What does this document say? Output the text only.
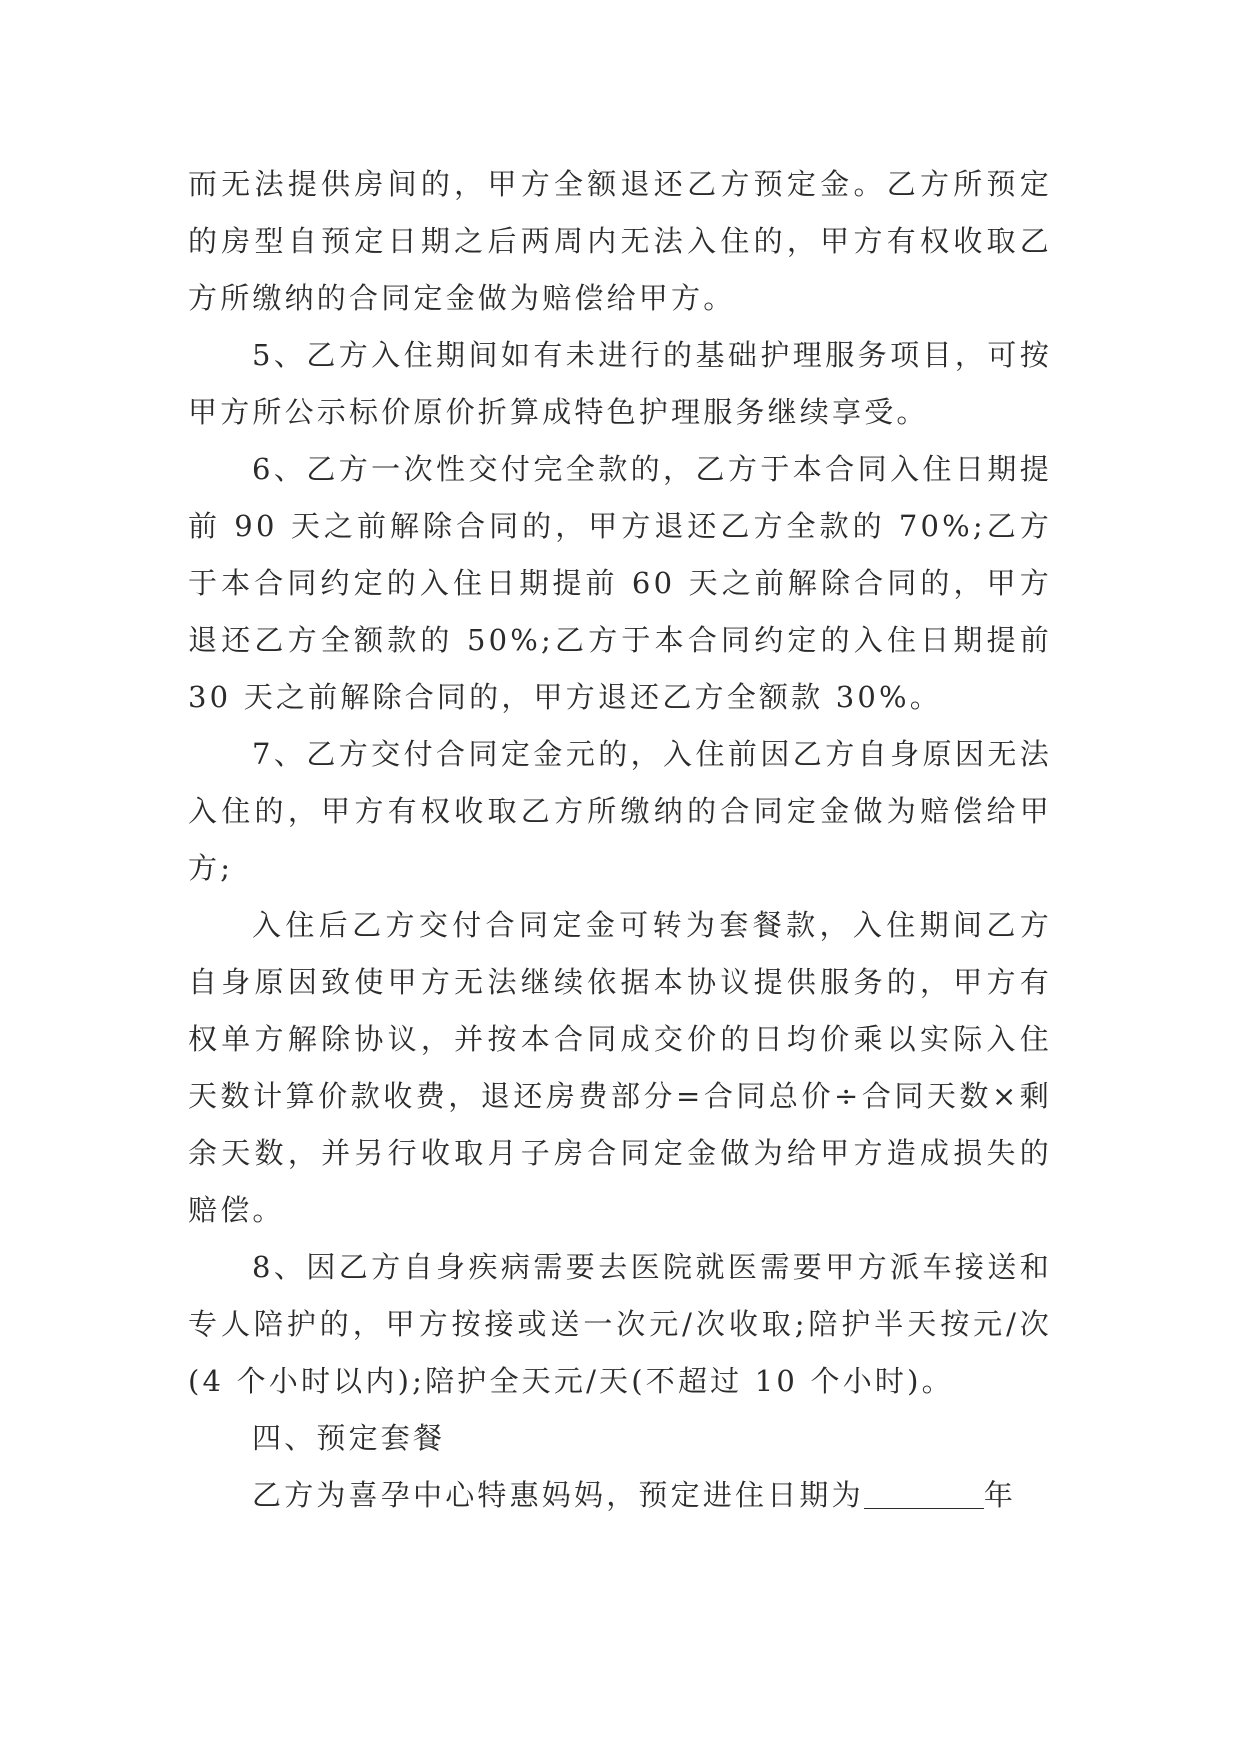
而无法提供房间的，甲方全额退还乙方预定金。乙方所预定的房型自预定日期之后两周内无法入住的，甲方有权收取乙方所缴纳的合同定金做为赔偿给甲方。

5、乙方入住期间如有未进行的基础护理服务项目，可按甲方所公示标价原价折算成特色护理服务继续享受。

6、乙方一次性交付完全款的，乙方于本合同入住日期提前 90 天之前解除合同的，甲方退还乙方全款的 70%;乙方于本合同约定的入住日期提前 60 天之前解除合同的，甲方退还乙方全额款的 50%;乙方于本合同约定的入住日期提前 30 天之前解除合同的，甲方退还乙方全额款 30%。

7、乙方交付合同定金元的，入住前因乙方自身原因无法入住的，甲方有权收取乙方所缴纳的合同定金做为赔偿给甲方;

入住后乙方交付合同定金可转为套餐款，入住期间乙方自身原因致使甲方无法继续依据本协议提供服务的，甲方有权单方解除协议，并按本合同成交价的日均价乘以实际入住天数计算价款收费，退还房费部分=合同总价÷合同天数×剩余天数，并另行收取月子房合同定金做为给甲方造成损失的赔偿。

8、因乙方自身疾病需要去医院就医需要甲方派车接送和专人陪护的，甲方按接或送一次元/次收取;陪护半天按元/次(4 个小时以内);陪护全天元/天(不超过 10 个小时)。

四、预定套餐

乙方为喜孕中心特惠妈妈，预定进住日期为	年
